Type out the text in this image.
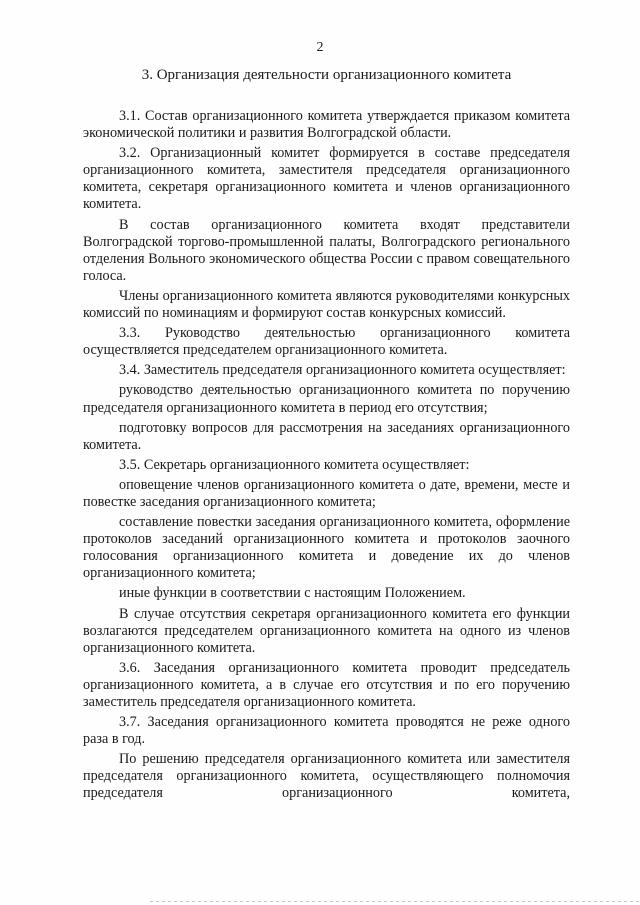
2
3. Организация деятельности организационного комитета

3.1. Состав организационного комитета утверждается приказом комитета экономической политики и развития Волгоградской области.

3.2. Организационный комитет формируется в составе председателя организационного комитета, заместителя председателя организационного комитета, секретаря организационного комитета и членов организационного комитета.

В состав организационного комитета входят представители Волгоградской торгово-промышленной палаты, Волгоградского регионального отделения Вольного экономического общества России с правом совещательного голоса.

Члены организационного комитета являются руководителями конкурсных комиссий по номинациям и формируют состав конкурсных комиссий.

3.3. Руководство деятельностью организационного комитета осуществляется председателем организационного комитета.

3.4. Заместитель председателя организационного комитета осуществляет:

руководство деятельностью организационного комитета по поручению председателя организационного комитета в период его отсутствия;

подготовку вопросов для рассмотрения на заседаниях организационного комитета.

3.5. Секретарь организационного комитета осуществляет:

оповещение членов организационного комитета о дате, времени, месте и повестке заседания организационного комитета;

составление повестки заседания организационного комитета, оформление протоколов заседаний организационного комитета и протоколов заочного голосования организационного комитета и доведение их до членов организационного комитета;

иные функции в соответствии с настоящим Положением.

В случае отсутствия секретаря организационного комитета его функции возлагаются председателем организационного комитета на одного из членов организационного комитета.

3.6. Заседания организационного комитета проводит председатель организационного комитета, а в случае его отсутствия и по его поручению заместитель председателя организационного комитета.

3.7. Заседания организационного комитета проводятся не реже одного раза в год.

По решению председателя организационного комитета или заместителя председателя организационного комитета, осуществляющего полномочия председателя организационного комитета,
